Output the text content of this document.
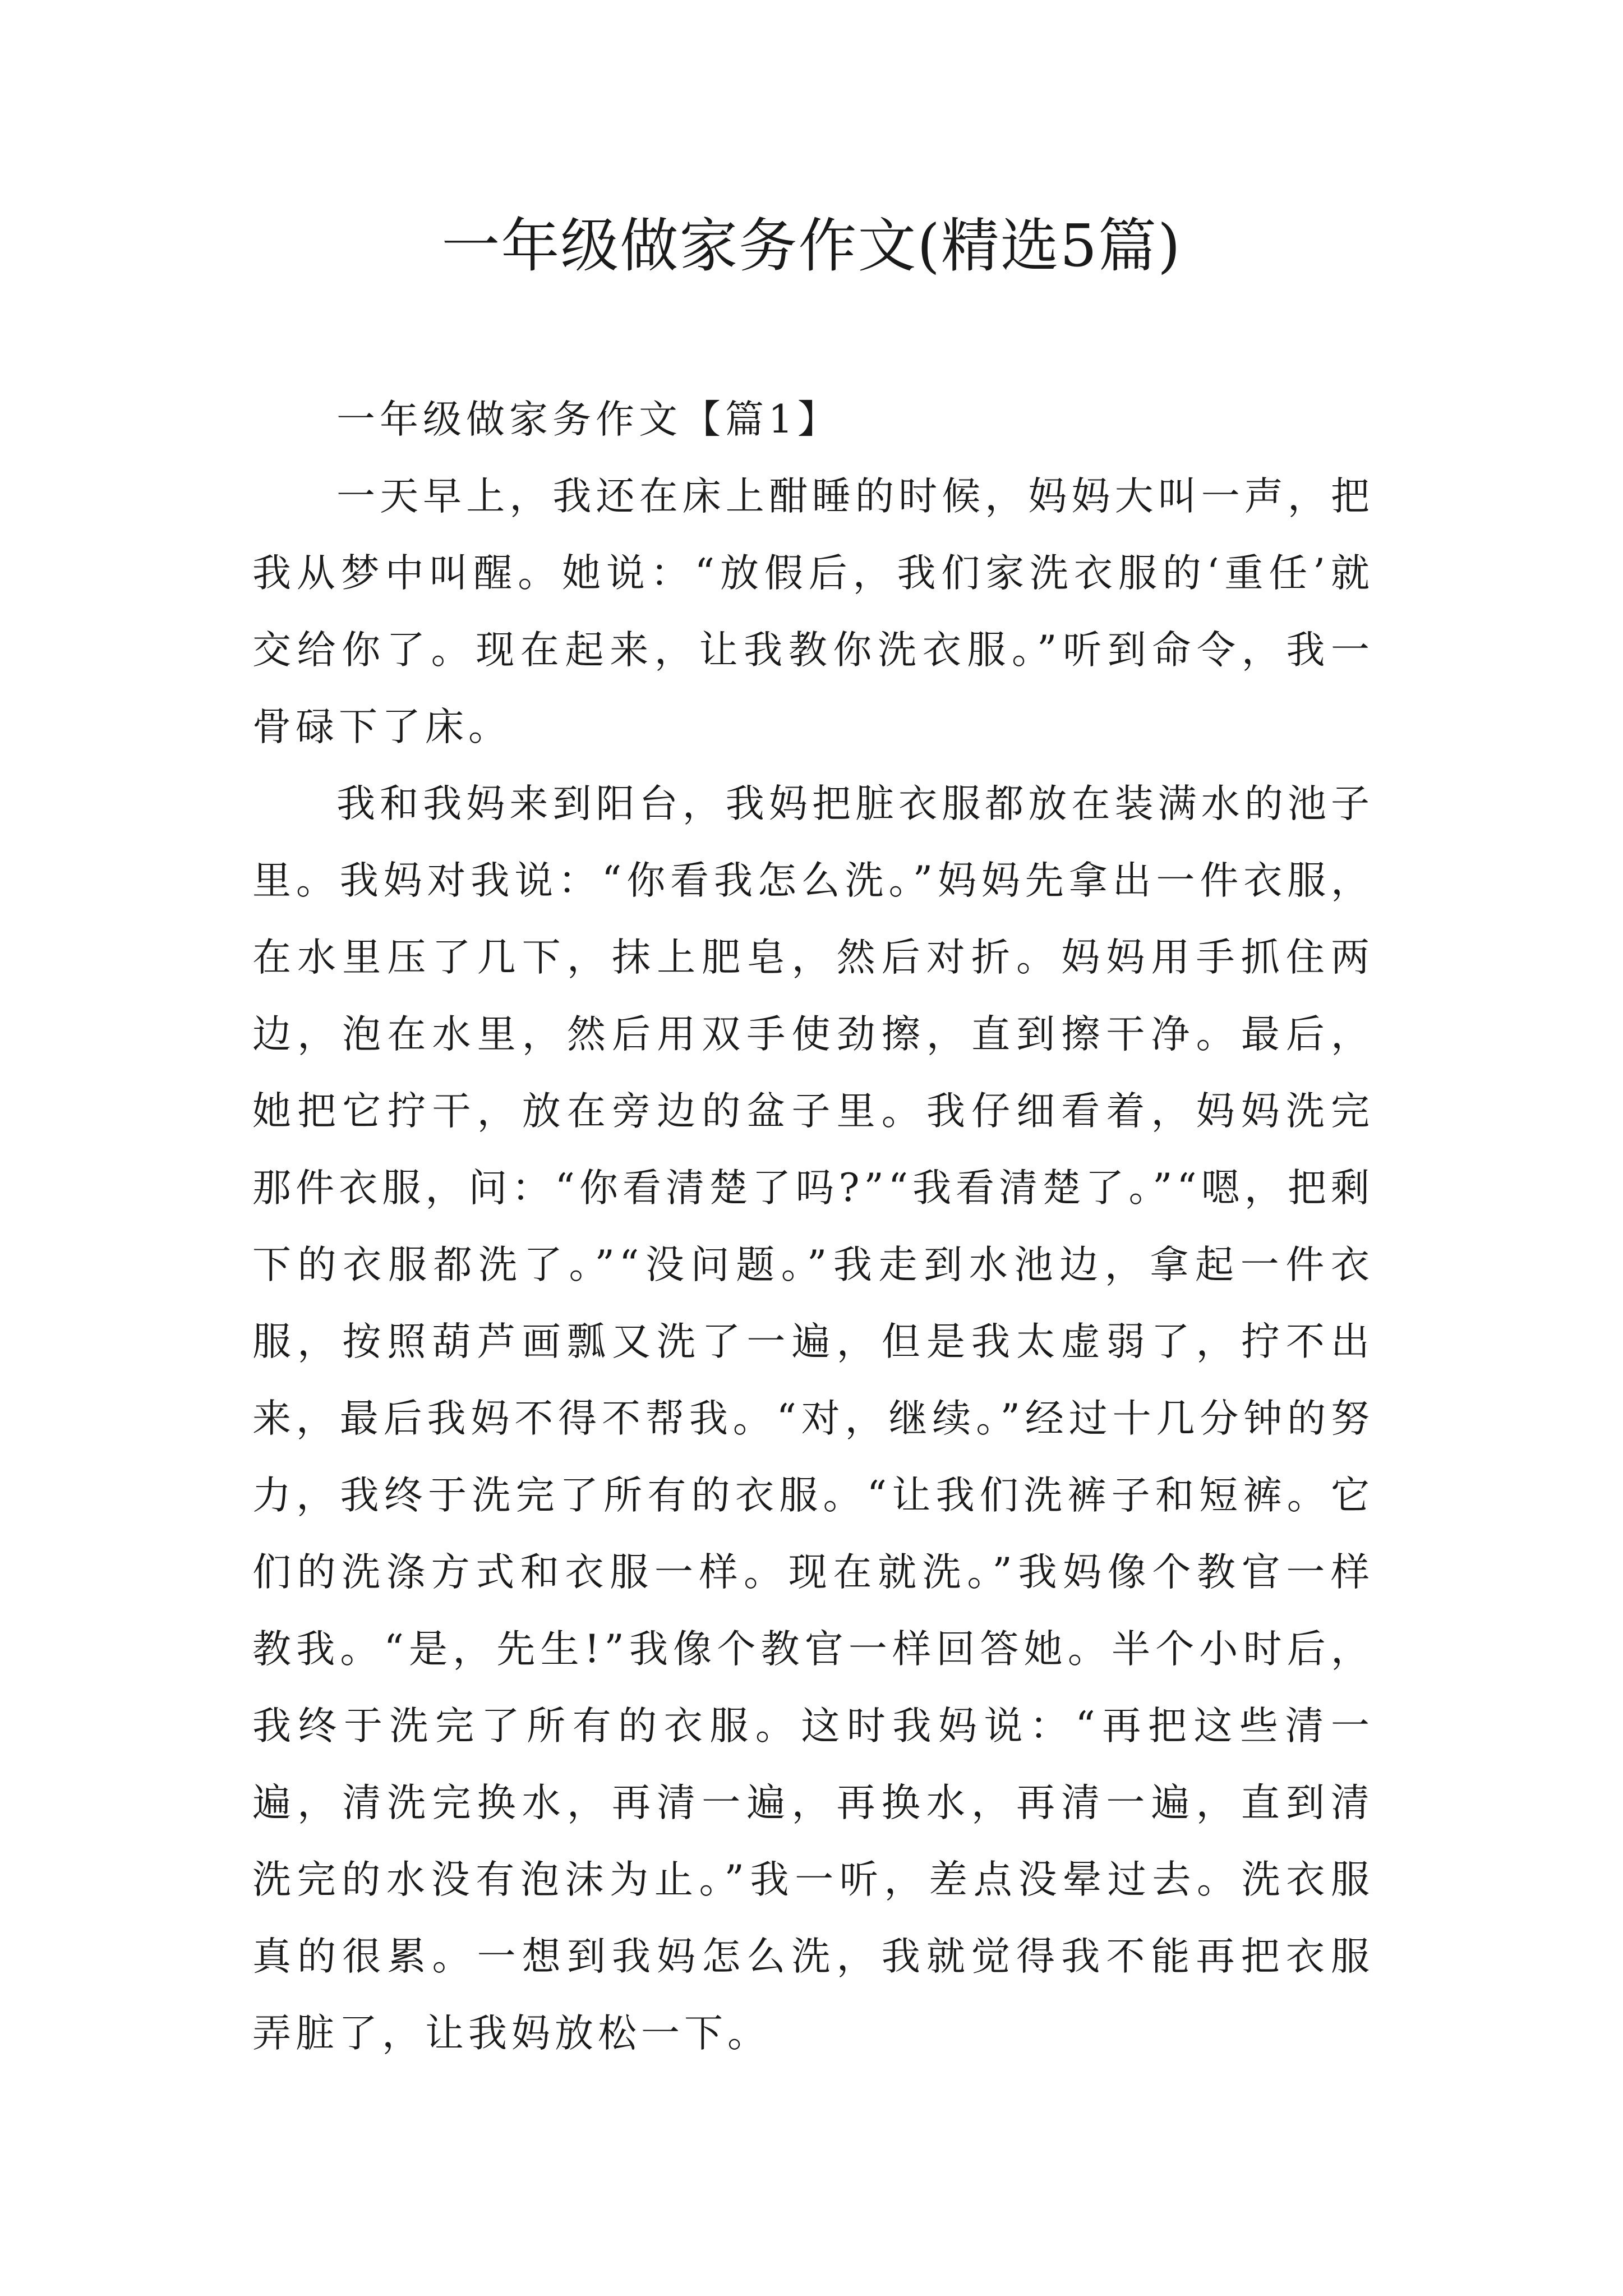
一年级做家务作文(精选5篇)
一年级做家务作文【篇1】

一天早上，我还在床上酣睡的时候，妈妈大叫一声，把我从梦中叫醒。她说：“放假后，我们家洗衣服的‘重任’就交给你了。现在起来，让我教你洗衣服。”听到命令，我一骨碌下了床。

我和我妈来到阳台，我妈把脏衣服都放在装满水的池子里。我妈对我说：“你看我怎么洗。”妈妈先拿出一件衣服，在水里压了几下，抹上肥皂，然后对折。妈妈用手抓住两边，泡在水里，然后用双手使劲擦，直到擦干净。最后，她把它拧干，放在旁边的盆子里。我仔细看着，妈妈洗完那件衣服，问：“你看清楚了吗?”“我看清楚了。”“嗯，把剩下的衣服都洗了。”“没问题。”我走到水池边，拿起一件衣服，按照葫芦画瓢又洗了一遍，但是我太虚弱了，拧不出来，最后我妈不得不帮我。“对，继续。”经过十几分钟的努力，我终于洗完了所有的衣服。“让我们洗裤子和短裤。它们的洗涤方式和衣服一样。现在就洗。”我妈像个教官一样教我。“是，先生!”我像个教官一样回答她。半个小时后，我终于洗完了所有的衣服。这时我妈说：“再把这些清一遍，清洗完换水，再清一遍，再换水，再清一遍，直到清洗完的水没有泡沫为止。”我一听，差点没晕过去。洗衣服真的很累。一想到我妈怎么洗，我就觉得我不能再把衣服弄脏了，让我妈放松一下。
